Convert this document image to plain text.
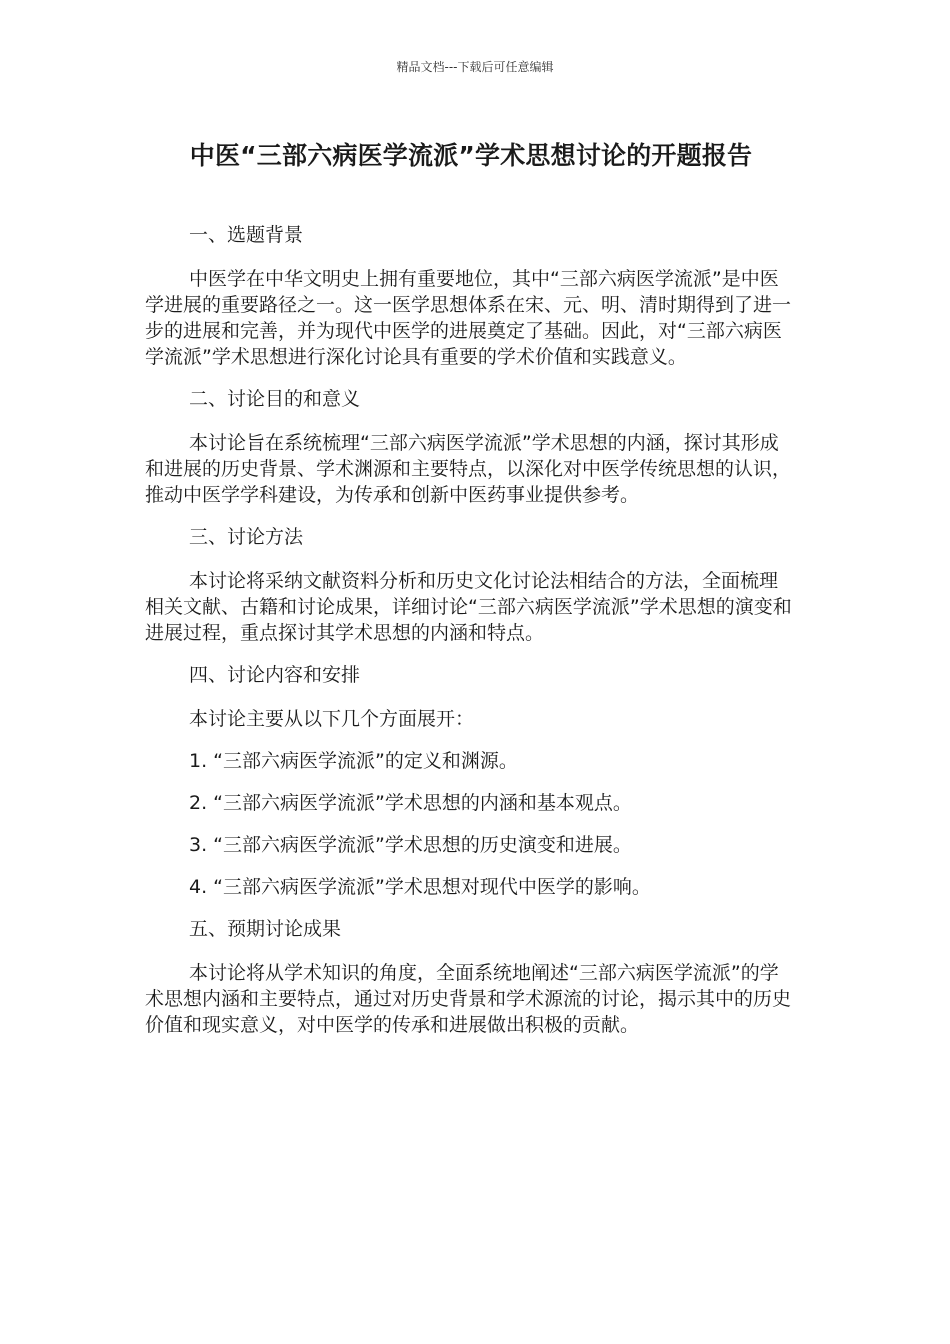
精品文档---下载后可任意编辑
中医“三部六病医学流派”学术思想讨论的开题报告
一、选题背景

中医学在中华文明史上拥有重要地位，其中“三部六病医学流派”是中医学进展的重要路径之一。这一医学思想体系在宋、元、明、清时期得到了进一步的进展和完善，并为现代中医学的进展奠定了基础。因此，对“三部六病医学流派”学术思想进行深化讨论具有重要的学术价值和实践意义。

二、讨论目的和意义

本讨论旨在系统梳理“三部六病医学流派”学术思想的内涵，探讨其形成和进展的历史背景、学术渊源和主要特点，以深化对中医学传统思想的认识，推动中医学学科建设，为传承和创新中医药事业提供参考。

三、讨论方法

本讨论将采纳文献资料分析和历史文化讨论法相结合的方法，全面梳理相关文献、古籍和讨论成果，详细讨论“三部六病医学流派”学术思想的演变和进展过程，重点探讨其学术思想的内涵和特点。

四、讨论内容和安排

本讨论主要从以下几个方面展开：

1. “三部六病医学流派”的定义和渊源。
2. “三部六病医学流派”学术思想的内涵和基本观点。
3. “三部六病医学流派”学术思想的历史演变和进展。
4. “三部六病医学流派”学术思想对现代中医学的影响。
五、预期讨论成果

本讨论将从学术知识的角度，全面系统地阐述“三部六病医学流派”的学术思想内涵和主要特点，通过对历史背景和学术源流的讨论，揭示其中的历史价值和现实意义，对中医学的传承和进展做出积极的贡献。
